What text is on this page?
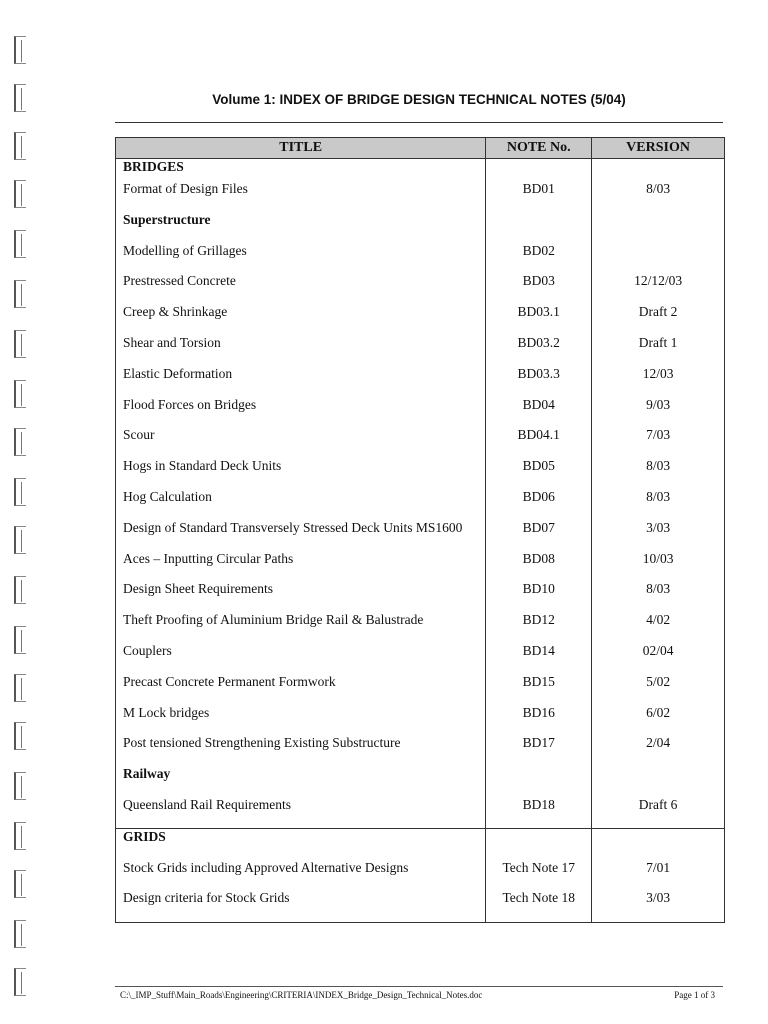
Volume 1: INDEX OF BRIDGE DESIGN TECHNICAL NOTES (5/04)
TITLE	NOTE No.	VERSION
BRIDGES		
Format of Design Files	BD01	8/03
Superstructure		
Modelling of Grillages	BD02	
Prestressed Concrete	BD03	12/12/03
Creep & Shrinkage	BD03.1	Draft 2
Shear and Torsion	BD03.2	Draft 1
Elastic Deformation	BD03.3	12/03
Flood Forces on Bridges	BD04	9/03
Scour	BD04.1	7/03
Hogs in Standard Deck Units	BD05	8/03
Hog Calculation	BD06	8/03
Design of Standard Transversely Stressed Deck Units MS1600	BD07	3/03
Aces – Inputting Circular Paths	BD08	10/03
Design Sheet Requirements	BD10	8/03
Theft Proofing of Aluminium Bridge Rail & Balustrade	BD12	4/02
Couplers	BD14	02/04
Precast Concrete Permanent Formwork	BD15	5/02
M Lock bridges	BD16	6/02
Post tensioned Strengthening Existing Substructure	BD17	2/04
Railway		
Queensland Rail Requirements	BD18	Draft 6
GRIDS		
Stock Grids including Approved Alternative Designs	Tech Note 17	7/01
Design criteria for Stock Grids	Tech Note 18	3/03
C:\_IMP_Stuff\Main_Roads\Engineering\CRITERIA\INDEX_Bridge_Design_Technical_Notes.doc	Page 1 of 3
